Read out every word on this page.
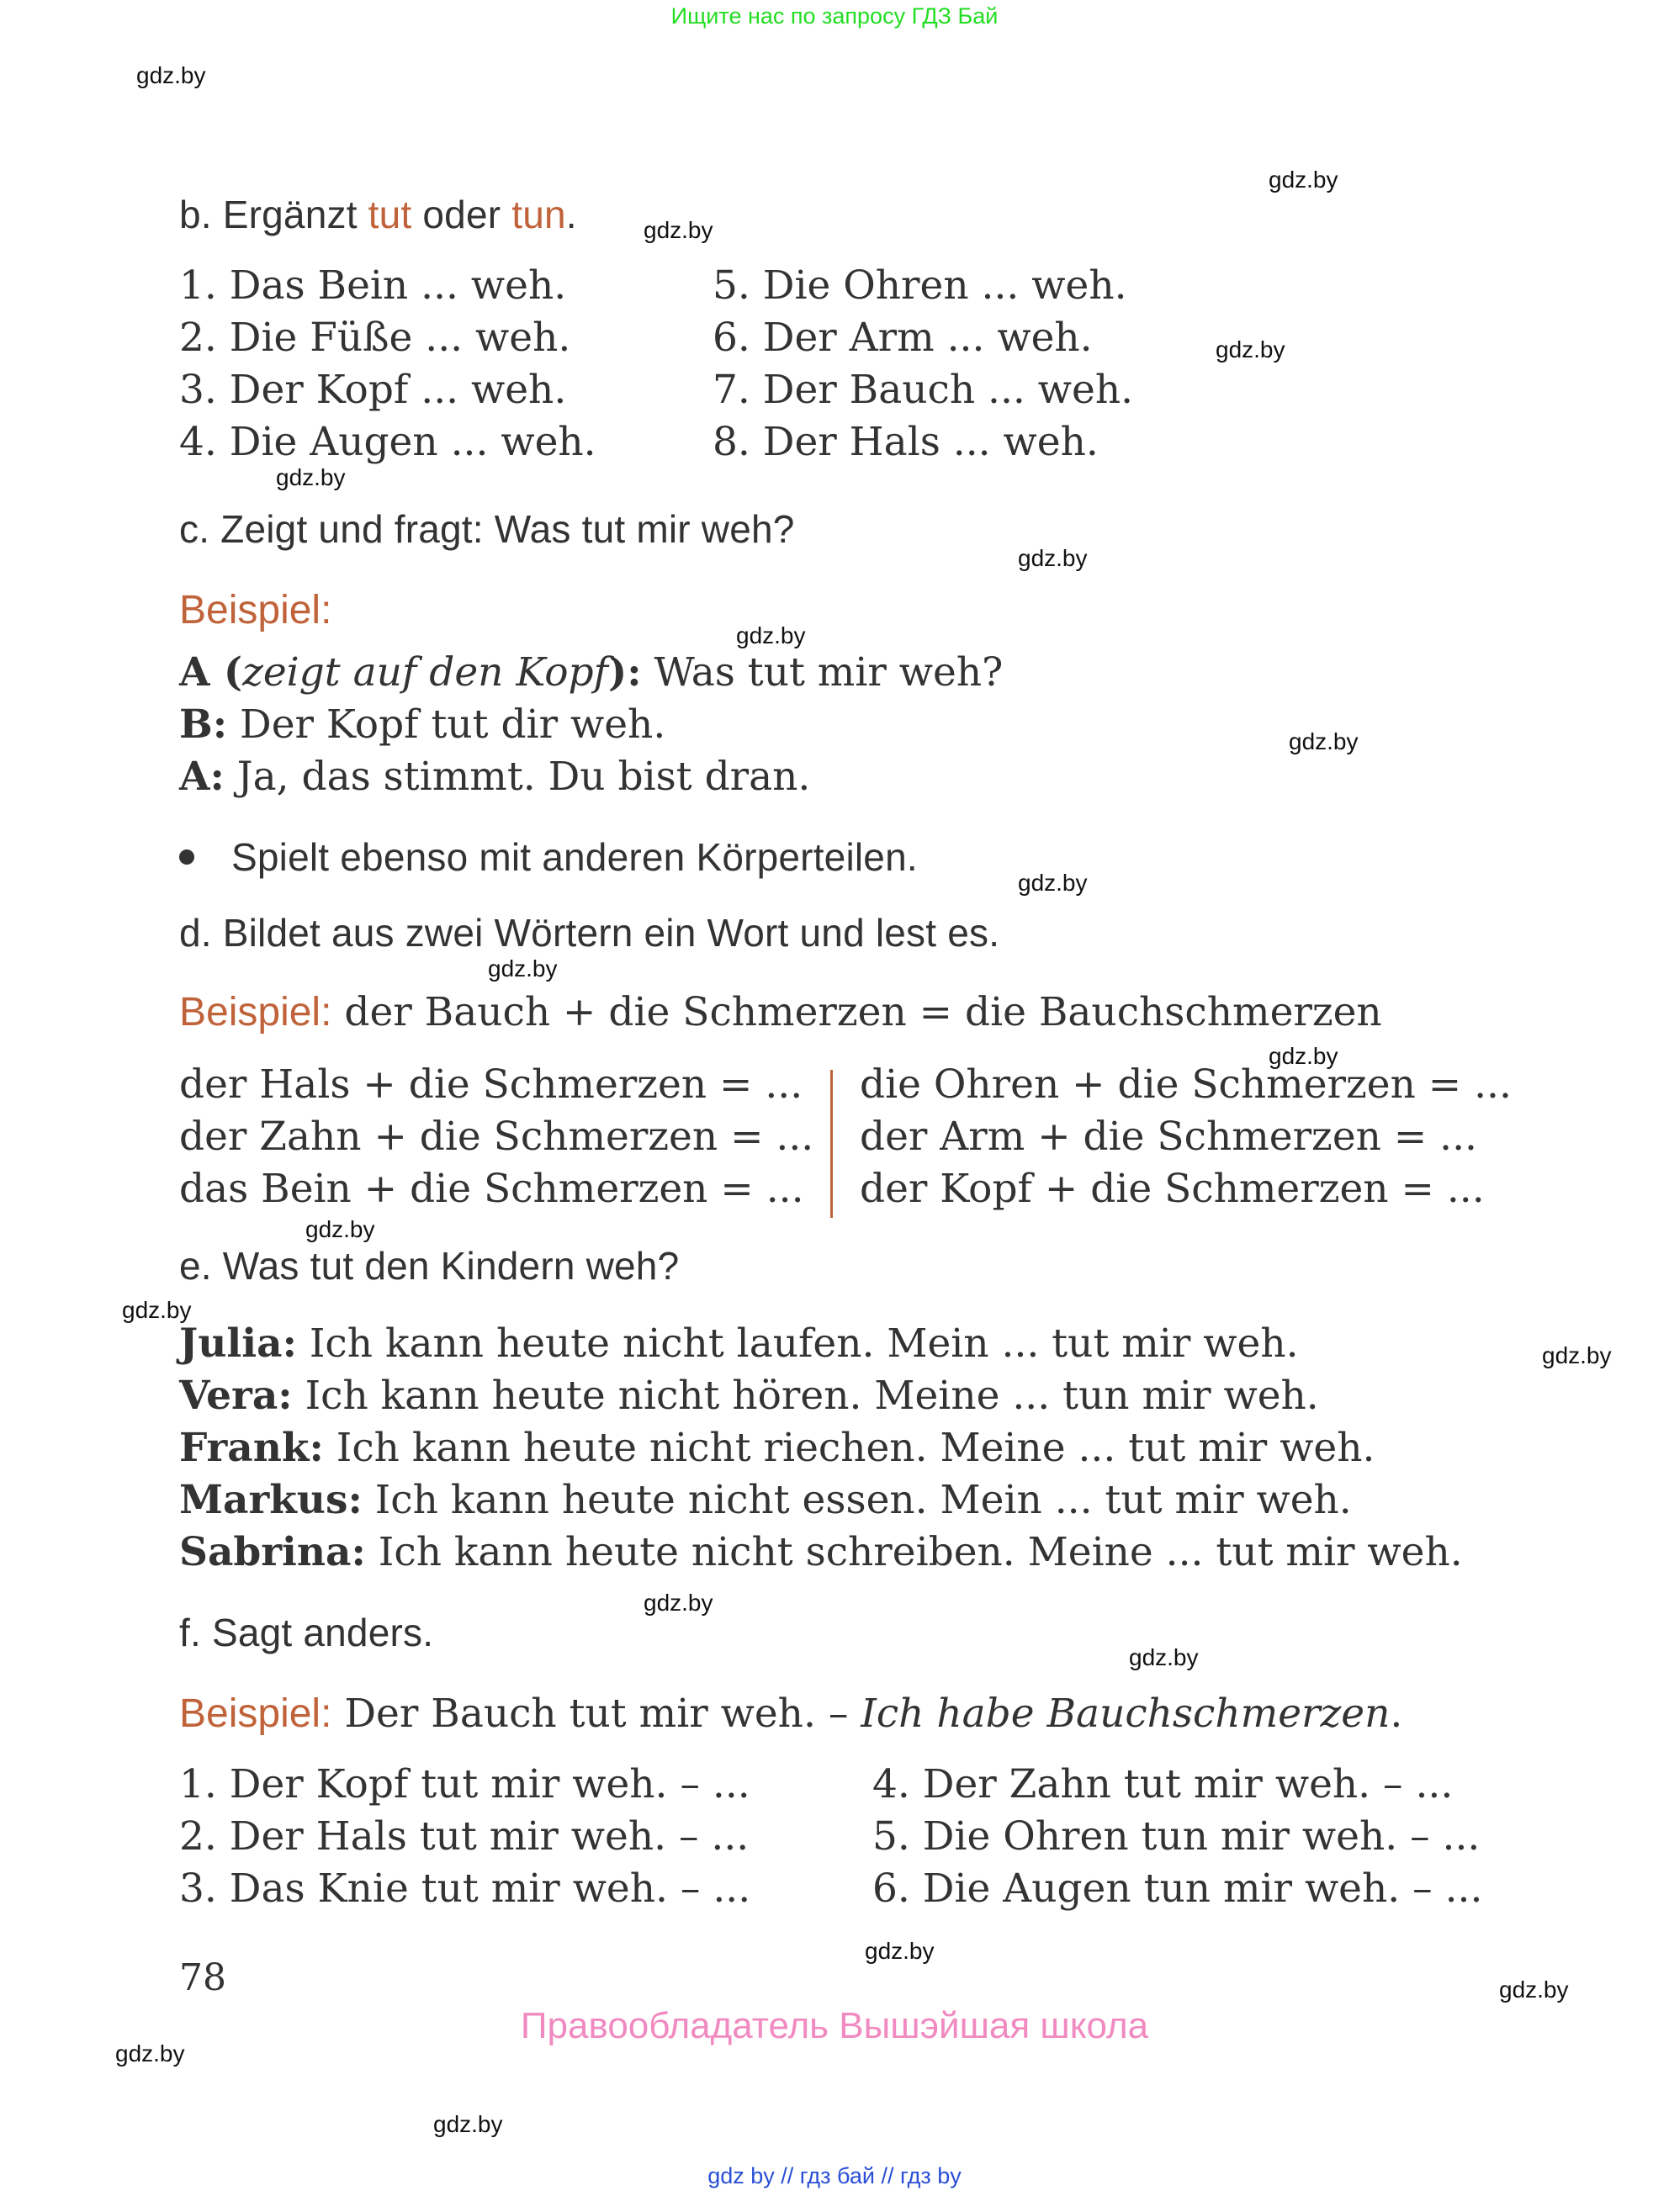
Ищите нас по запросу ГДЗ Бай
gdz.by
gdz.by
gdz.by
gdz.by
gdz.by
gdz.by
gdz.by
gdz.by
gdz.by
gdz.by
gdz.by
gdz.by
gdz.by
gdz.by
gdz.by
gdz.by
gdz.by
gdz.by
gdz.by
gdz.by
b. Ergänzt tut oder tun.
1. Das Bein ... weh.
2. Die Füße ... weh.
3. Der Kopf ... weh.
4. Die Augen ... weh.
5. Die Ohren ... weh.
6. Der Arm ... weh.
7. Der Bauch ... weh.
8. Der Hals ... weh.
c. Zeigt und fragt: Was tut mir weh?
Beispiel:
A (zeigt auf den Kopf): Was tut mir weh?
B: Der Kopf tut dir weh.
A: Ja, das stimmt. Du bist dran.
Spielt ebenso mit anderen Körperteilen.
d. Bildet aus zwei Wörtern ein Wort und lest es.
Beispiel: der Bauch + die Schmerzen = die Bauchschmerzen
der Hals + die Schmerzen = ...
der Zahn + die Schmerzen = ...
das Bein + die Schmerzen = ...
die Ohren + die Schmerzen = ...
der Arm + die Schmerzen = ...
der Kopf + die Schmerzen = ...
e. Was tut den Kindern weh?
Julia: Ich kann heute nicht laufen. Mein ... tut mir weh.
Vera: Ich kann heute nicht hören. Meine ... tun mir weh.
Frank: Ich kann heute nicht riechen. Meine ... tut mir weh.
Markus: Ich kann heute nicht essen. Mein ... tut mir weh.
Sabrina: Ich kann heute nicht schreiben. Meine ... tut mir weh.
f. Sagt anders.
Beispiel: Der Bauch tut mir weh. – Ich habe Bauchschmerzen.
1. Der Kopf tut mir weh. – ...
2. Der Hals tut mir weh. – ...
3. Das Knie tut mir weh. – ...
4. Der Zahn tut mir weh. – ...
5. Die Ohren tun mir weh. – ...
6. Die Augen tun mir weh. – ...
78
Правообладатель Вышэйшая школа
gdz by // гдз бай // гдз by
